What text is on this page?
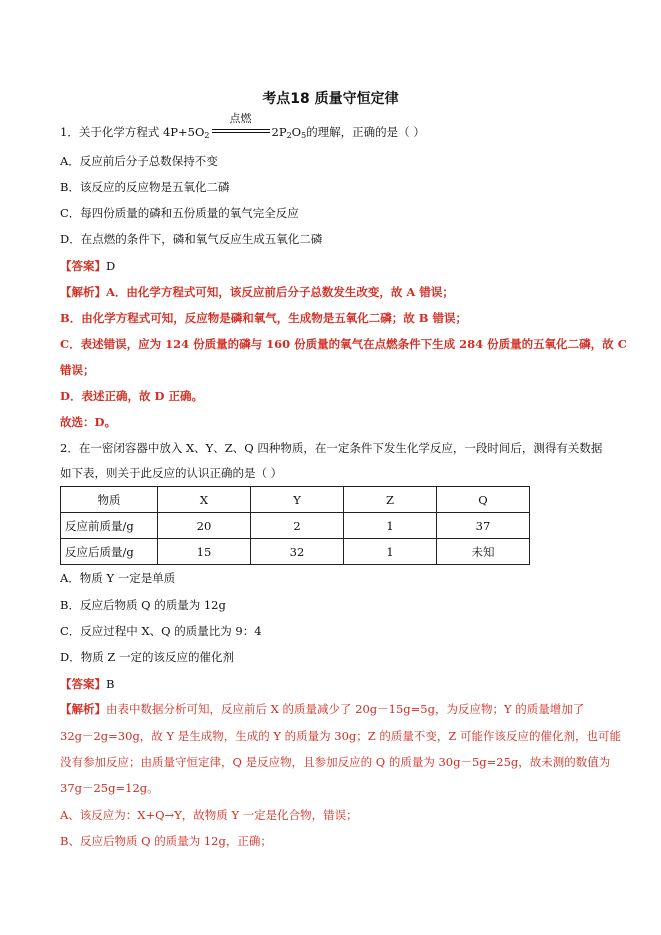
考点18 质量守恒定律
1．关于化学方程式 $4P+5O_2$
点燃
$2P_2O_5$的理解，正确的是（ ）
A．反应前后分子总数保持不变
B．该反应的反应物是五氧化二磷
C．每四份质量的磷和五份质量的氧气完全反应
D．在点燃的条件下，磷和氧气反应生成五氧化二磷
【答案】D
【解析】A．由化学方程式可知，该反应前后分子总数发生改变，故 A 错误；
B．由化学方程式可知，反应物是磷和氧气，生成物是五氧化二磷；故 B 错误；
C．表述错误，应为 124 份质量的磷与 160 份质量的氧气在点燃条件下生成 284 份质量的五氧化二磷，故 C
错误；
D．表述正确，故 D 正确。
故选：D。
2．在一密闭容器中放入 X、Y、Z、Q 四种物质，在一定条件下发生化学反应，一段时间后，测得有关数据
如下表，则关于此反应的认识正确的是（ ）
物质	X	Y	Z	Q
反应前质量/g	20	2	1	37
反应后质量/g	15	32	1	未知
A．物质 Y 一定是单质
B．反应后物质 Q 的质量为 12g
C．反应过程中 X、Q 的质量比为 9：4
D．物质 Z 一定的该反应的催化剂
【答案】B
【解析】由表中数据分析可知，反应前后 X 的质量减少了 20g－15g=5g，为反应物；Y 的质量增加了
32g－2g=30g，故 Y 是生成物，生成的 Y 的质量为 30g；Z 的质量不变，Z 可能作该反应的催化剂，也可能
没有参加反应；由质量守恒定律，Q 是反应物，且参加反应的 Q 的质量为 30g－5g=25g，故未测的数值为
37g－25g=12g。
A、该反应为：X+Q→Y，故物质 Y 一定是化合物，错误；
B、反应后物质 Q 的质量为 12g，正确；
